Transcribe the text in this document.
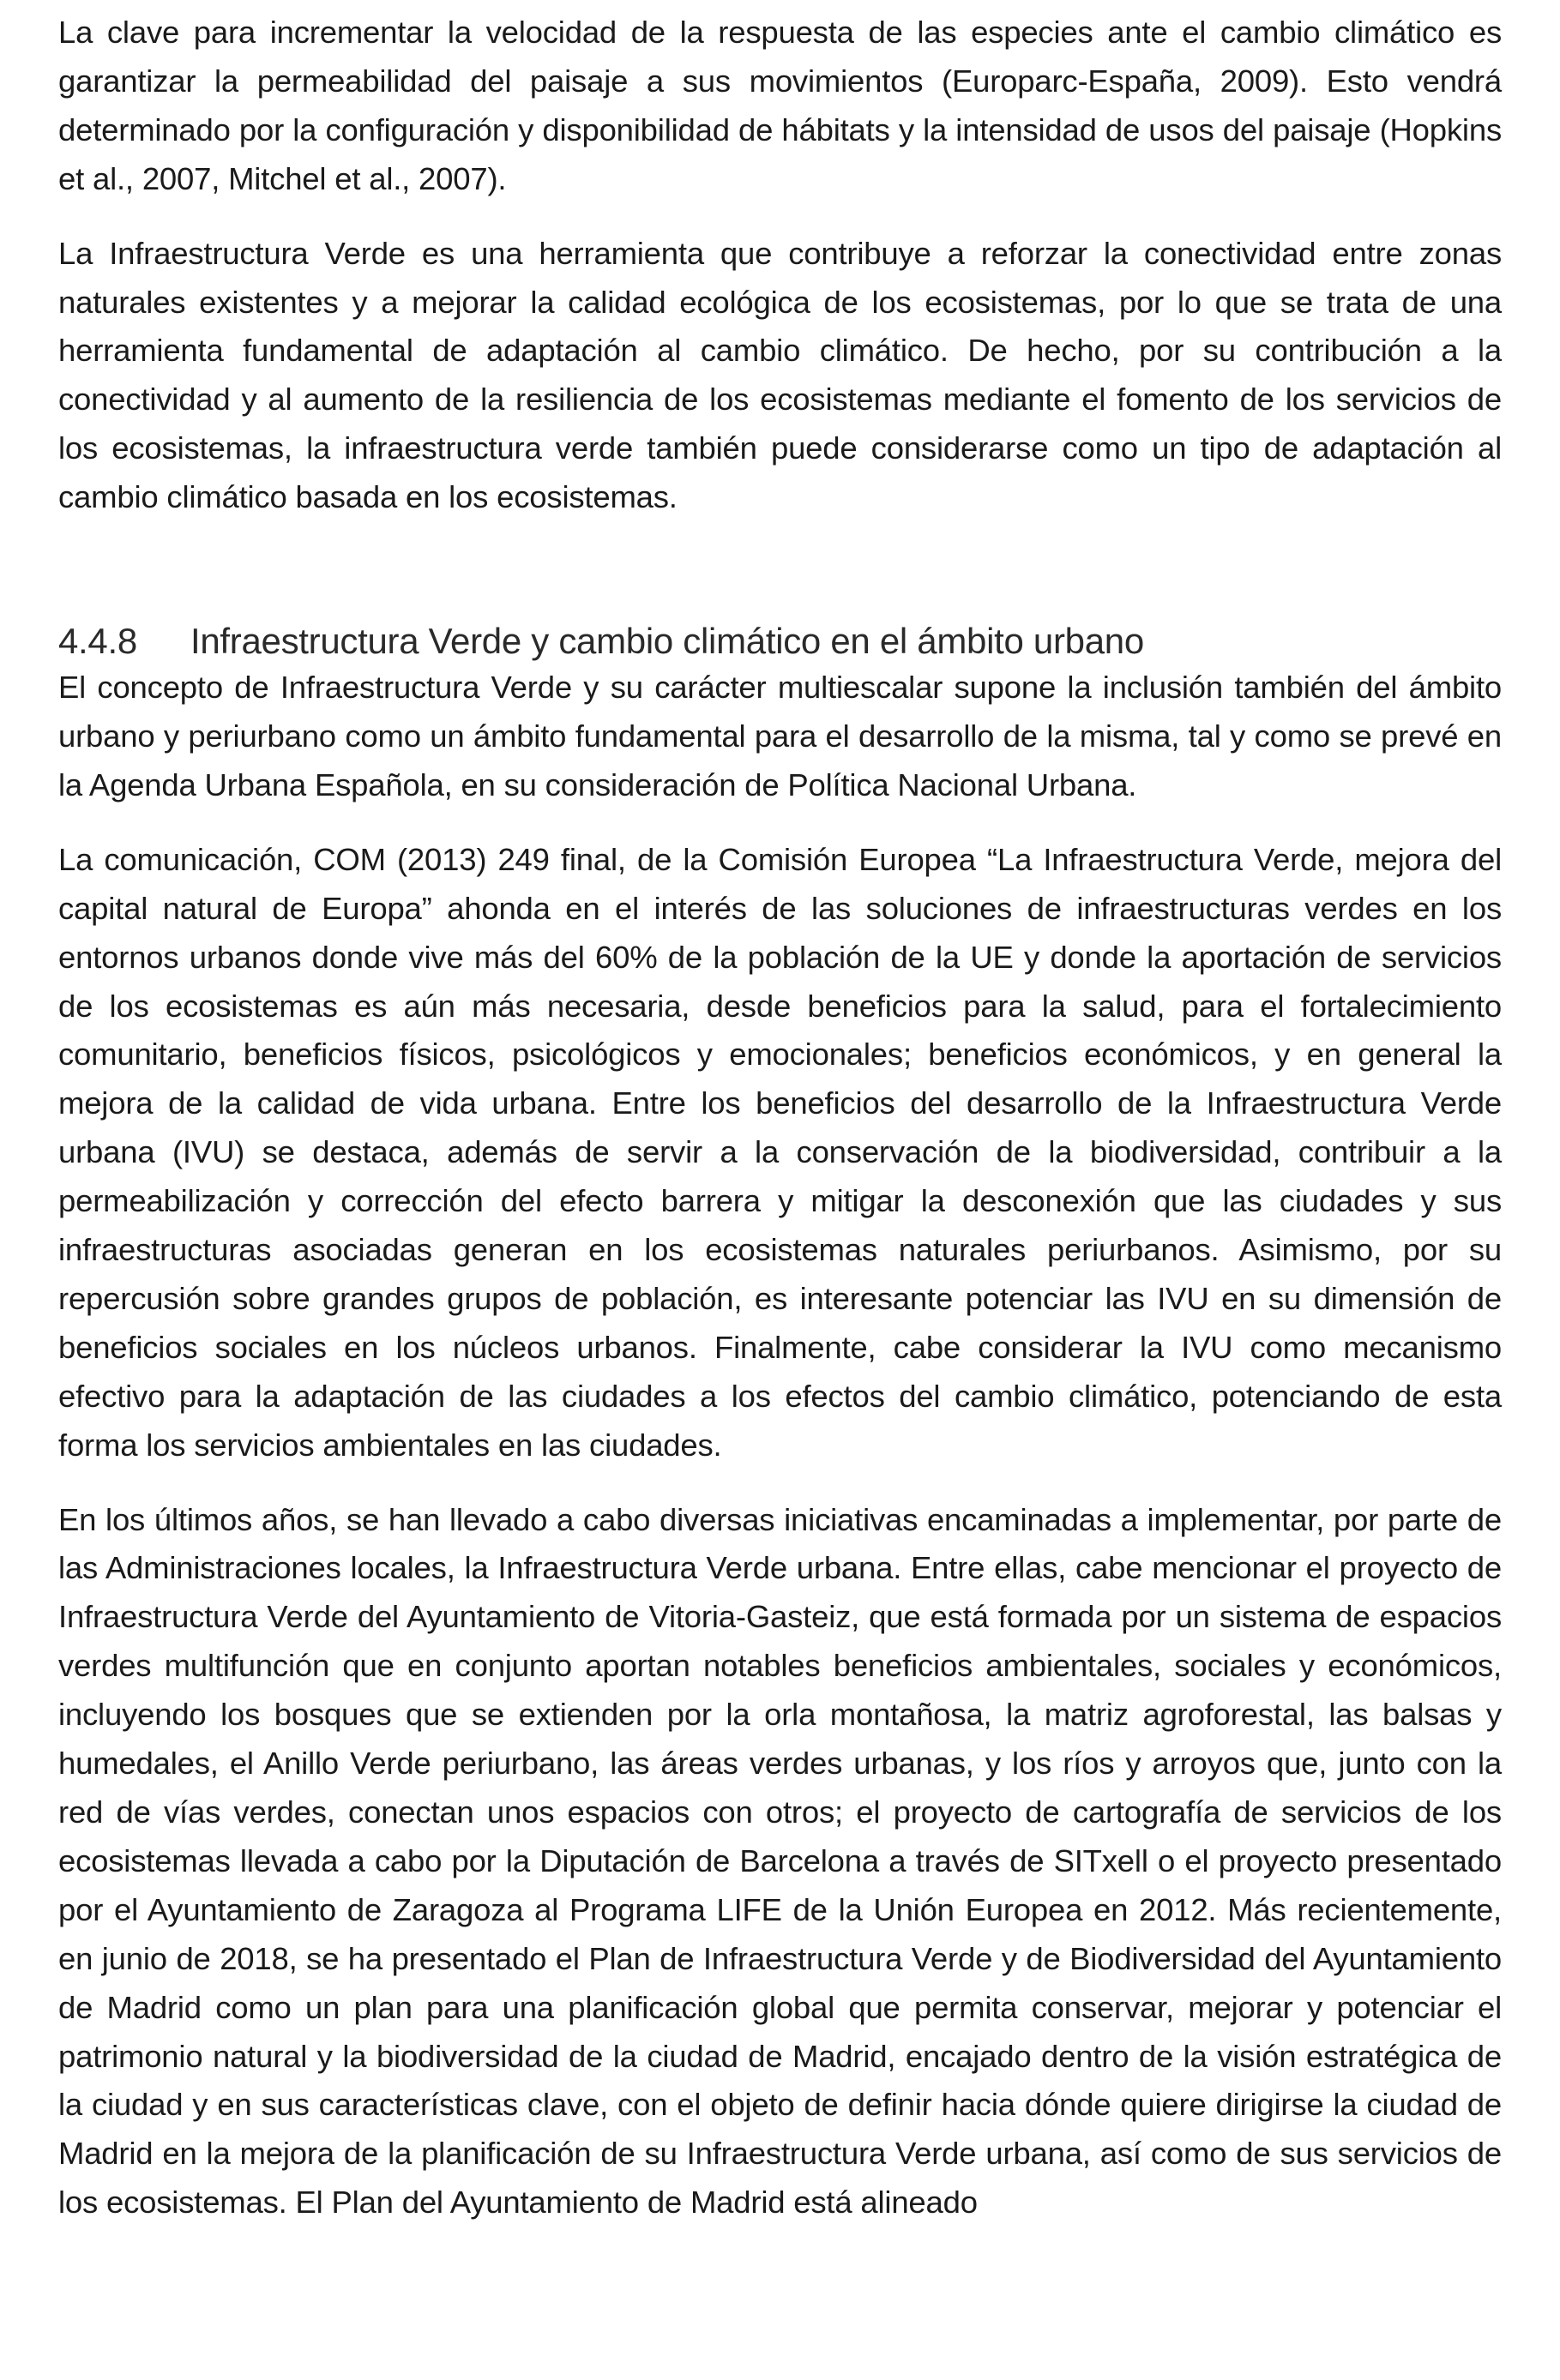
La clave para incrementar la velocidad de la respuesta de las especies ante el cambio climático es garantizar la permeabilidad del paisaje a sus movimientos (Europarc-España, 2009). Esto vendrá determinado por la configuración y disponibilidad de hábitats y la intensidad de usos del paisaje (Hopkins et al., 2007, Mitchel et al., 2007).

La Infraestructura Verde es una herramienta que contribuye a reforzar la conectividad entre zonas naturales existentes y a mejorar la calidad ecológica de los ecosistemas, por lo que se trata de una herramienta fundamental de adaptación al cambio climático. De hecho, por su contribución a la conectividad y al aumento de la resiliencia de los ecosistemas mediante el fomento de los servicios de los ecosistemas, la infraestructura verde también puede considerarse como un tipo de adaptación al cambio climático basada en los ecosistemas.

4.4.8 Infraestructura Verde y cambio climático en el ámbito urbano

El concepto de Infraestructura Verde y su carácter multiescalar supone la inclusión también del ámbito urbano y periurbano como un ámbito fundamental para el desarrollo de la misma, tal y como se prevé en la Agenda Urbana Española, en su consideración de Política Nacional Urbana.

La comunicación, COM (2013) 249 final, de la Comisión Europea “La Infraestructura Verde, mejora del capital natural de Europa” ahonda en el interés de las soluciones de infraestructuras verdes en los entornos urbanos donde vive más del 60% de la población de la UE y donde la aportación de servicios de los ecosistemas es aún más necesaria, desde beneficios para la salud, para el fortalecimiento comunitario, beneficios físicos, psicológicos y emocionales; beneficios económicos, y en general la mejora de la calidad de vida urbana. Entre los beneficios del desarrollo de la Infraestructura Verde urbana (IVU) se destaca, además de servir a la conservación de la biodiversidad, contribuir a la permeabilización y corrección del efecto barrera y mitigar la desconexión que las ciudades y sus infraestructuras asociadas generan en los ecosistemas naturales periurbanos. Asimismo, por su repercusión sobre grandes grupos de población, es interesante potenciar las IVU en su dimensión de beneficios sociales en los núcleos urbanos. Finalmente, cabe considerar la IVU como mecanismo efectivo para la adaptación de las ciudades a los efectos del cambio climático, potenciando de esta forma los servicios ambientales en las ciudades.

En los últimos años, se han llevado a cabo diversas iniciativas encaminadas a implementar, por parte de las Administraciones locales, la Infraestructura Verde urbana. Entre ellas, cabe mencionar el proyecto de Infraestructura Verde del Ayuntamiento de Vitoria-Gasteiz, que está formada por un sistema de espacios verdes multifunción que en conjunto aportan notables beneficios ambientales, sociales y económicos, incluyendo los bosques que se extienden por la orla montañosa, la matriz agroforestal, las balsas y humedales, el Anillo Verde periurbano, las áreas verdes urbanas, y los ríos y arroyos que, junto con la red de vías verdes, conectan unos espacios con otros; el proyecto de cartografía de servicios de los ecosistemas llevada a cabo por la Diputación de Barcelona a través de SITxell o el proyecto presentado por el Ayuntamiento de Zaragoza al Programa LIFE de la Unión Europea en 2012. Más recientemente, en junio de 2018, se ha presentado el Plan de Infraestructura Verde y de Biodiversidad del Ayuntamiento de Madrid como un plan para una planificación global que permita conservar, mejorar y potenciar el patrimonio natural y la biodiversidad de la ciudad de Madrid, encajado dentro de la visión estratégica de la ciudad y en sus características clave, con el objeto de definir hacia dónde quiere dirigirse la ciudad de Madrid en la mejora de la planificación de su Infraestructura Verde urbana, así como de sus servicios de los ecosistemas. El Plan del Ayuntamiento de Madrid está alineado
